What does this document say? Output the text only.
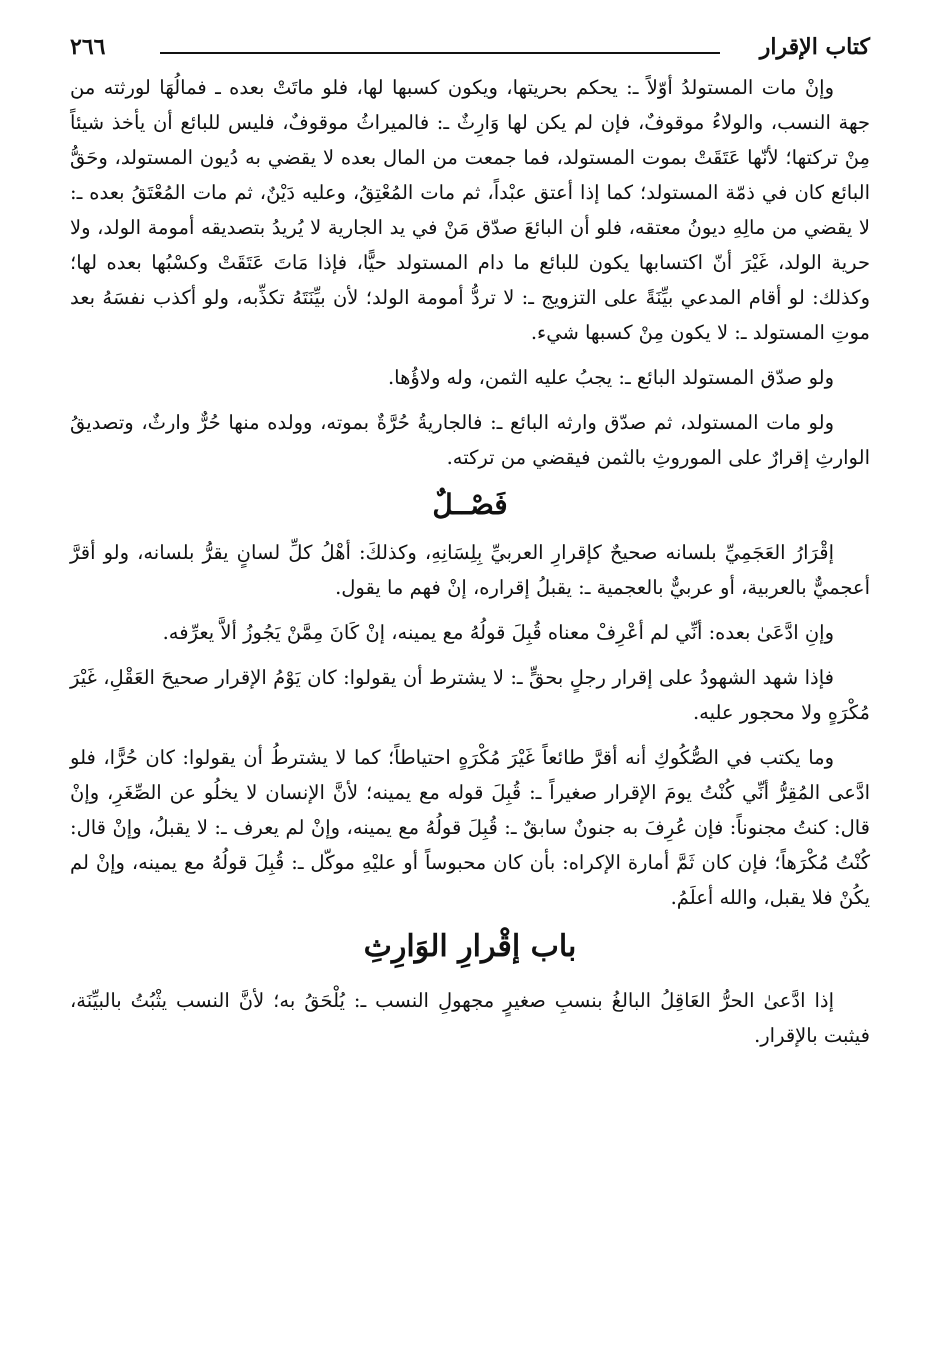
كتاب الإقرار
٢٦٦

وإنْ مات المستولدُ أوّلاً ـ: يحكم بحريتها، ويكون كسبها لها، فلو ماتَتْ بعده ـ فمالُهَا لورثته من جهة النسب، والولاءُ موقوفٌ، فإن لم يكن لها وَارِثٌ ـ: فالميراثُ موقوفٌ، فليس للبائع أن يأخذ شيئاً مِنْ تركتها؛ لأنّها عَتَقَتْ بموت المستولد، فما جمعت من المال بعده لا يقضي به دُيون المستولد، وحَقُّ البائع كان في ذمّة المستولد؛ كما إذا أعتق عبْداً، ثم مات المُعْتِقُ، وعليه دَيْنٌ، ثم مات المُعْتَقُ بعده ـ: لا يقضي من مالِهِ ديونُ معتقه، فلو أن البائعَ صدّق مَنْ في يد الجارية لا يُريدُ بتصديقه أمومة الولد، ولا حرية الولد، غَيْرَ أنّ اكتسابها يكون للبائع ما دام المستولد حيًّا، فإذا مَاتَ عَتَقَتْ وكسْبُها بعده لها؛ وكذلك: لو أقام المدعي بيِّنَةً على التزويج ـ: لا تردُّ أمومة الولد؛ لأن بيِّنَتَهُ تكذِّبه، ولو أكذب نفسَهُ بعد موتِ المستولد ـ: لا يكون مِنْ كسبها شيء.

ولو صدّق المستولد البائع ـ: يجبُ عليه الثمن، وله ولاؤُها.

ولو مات المستولد، ثم صدّق وارثه البائع ـ: فالجاريةُ حُرَّةٌ بموته، وولده منها حُرٌّ وارثٌ، وتصديقُ الوارثِ إقرارٌ على الموروثِ بالثمن فيقضي من تركته.

فَصْــلٌ

إقْرَارُ العَجَمِيِّ بلسانه صحيحٌ كإقرارِ العربيِّ بِلِسَانِهِ، وكذلكَ: أهْلُ كلِّ لسانٍ يقرُّ بلسانه، ولو أقرَّ أعجميٌّ بالعربية، أو عربيٌّ بالعجمية ـ: يقبلُ إقراره، إنْ فهم ما يقول.

وإنِ ادَّعَىٰ بعده: أنِّي لم أعْرِفْ معناه قُبِلَ قولُهُ مع يمينه، إنْ كَانَ مِمَّنْ يَجُوزُ ألاَّ يعرِّفه.

فإذا شهد الشهودُ على إقرار رجلٍ بحقٍّ ـ: لا يشترط أن يقولوا: كان يَوْمُ الإقرار صحيحَ العَقْلِ، غَيْرَ مُكْرَهٍ ولا محجور عليه.

وما يكتب في الصُّكُوكِ أنه أقرَّ طائعاً غَيْرَ مُكْرَهٍ احتياطاً؛ كما لا يشترطُ أن يقولوا: كان حُرًّا، فلو ادَّعى المُقِرُّ أنِّي كُنْتُ يومَ الإقرار صغيراً ـ: قُبِلَ قوله مع يمينه؛ لأنَّ الإنسان لا يخلُو عن الصِّغَرِ، وإنْ قال: كنتُ مجنوناً: فإن عُرِفَ به جنونٌ سابقٌ ـ: قُبِلَ قولُهُ مع يمينه، وإنْ لم يعرف ـ: لا يقبلُ، وإنْ قال: كُنْتُ مُكْرَهاً؛ فإن كان ثَمَّ أمارة الإكراه: بأن كان محبوساً أو عليْهِ موكّل ـ: قُبِلَ قولُهُ مع يمينه، وإنْ لم يكُنْ فلا يقبل، والله أعلَمُ.

باب إقْرارِ الوَارِثِ

إذا ادَّعىٰ الحرُّ العَاقِلُ البالغُ بنسبِ صغيرٍ مجهولِ النسب ـ: يُلْحَقُ به؛ لأنَّ النسب يثْبُتُ بالبيِّنَة، فيثبت بالإقرار.
